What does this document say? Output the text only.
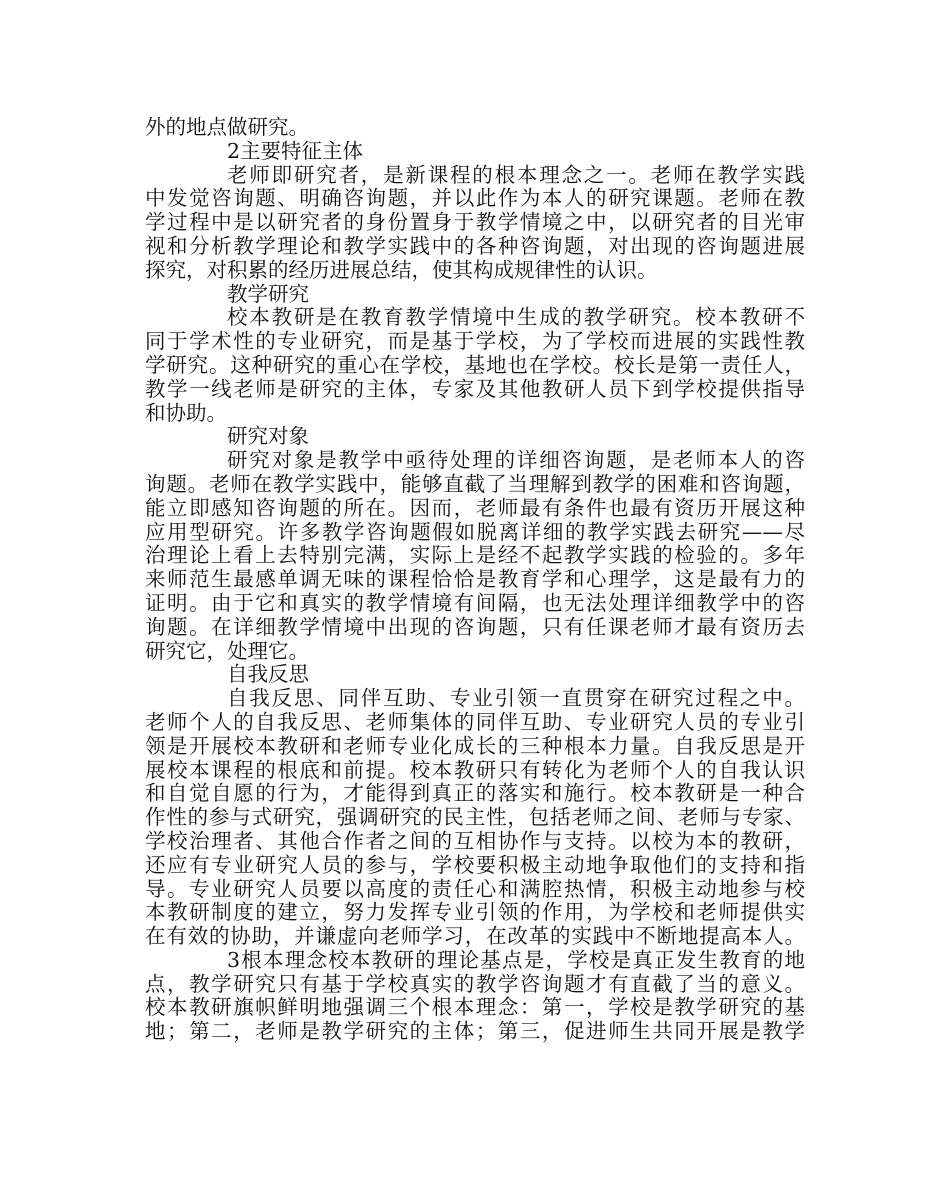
外的地点做研究。
2主要特征主体
老师即研究者，是新课程的根本理念之一。老师在教学实践
中发觉咨询题、明确咨询题，并以此作为本人的研究课题。老师在教
学过程中是以研究者的身份置身于教学情境之中，以研究者的目光审
视和分析教学理论和教学实践中的各种咨询题，对出现的咨询题进展
探究，对积累的经历进展总结，使其构成规律性的认识。
教学研究
校本教研是在教育教学情境中生成的教学研究。校本教研不
同于学术性的专业研究，而是基于学校，为了学校而进展的实践性教
学研究。这种研究的重心在学校，基地也在学校。校长是第一责任人，
教学一线老师是研究的主体，专家及其他教研人员下到学校提供指导
和协助。
研究对象
研究对象是教学中亟待处理的详细咨询题，是老师本人的咨
询题。老师在教学实践中，能够直截了当理解到教学的困难和咨询题，
能立即感知咨询题的所在。因而，老师最有条件也最有资历开展这种
应用型研究。许多教学咨询题假如脱离详细的教学实践去研究——尽
治理论上看上去特别完满，实际上是经不起教学实践的检验的。多年
来师范生最感单调无味的课程恰恰是教育学和心理学，这是最有力的
证明。由于它和真实的教学情境有间隔，也无法处理详细教学中的咨
询题。在详细教学情境中出现的咨询题，只有任课老师才最有资历去
研究它，处理它。
自我反思
自我反思、同伴互助、专业引领一直贯穿在研究过程之中。
老师个人的自我反思、老师集体的同伴互助、专业研究人员的专业引
领是开展校本教研和老师专业化成长的三种根本力量。自我反思是开
展校本课程的根底和前提。校本教研只有转化为老师个人的自我认识
和自觉自愿的行为，才能得到真正的落实和施行。校本教研是一种合
作性的参与式研究，强调研究的民主性，包括老师之间、老师与专家、
学校治理者、其他合作者之间的互相协作与支持。以校为本的教研，
还应有专业研究人员的参与，学校要积极主动地争取他们的支持和指
导。专业研究人员要以高度的责任心和满腔热情，积极主动地参与校
本教研制度的建立，努力发挥专业引领的作用，为学校和老师提供实
在有效的协助，并谦虚向老师学习，在改革的实践中不断地提高本人。
3根本理念校本教研的理论基点是，学校是真正发生教育的地
点，教学研究只有基于学校真实的教学咨询题才有直截了当的意义。
校本教研旗帜鲜明地强调三个根本理念：第一，学校是教学研究的基
地；第二，老师是教学研究的主体；第三，促进师生共同开展是教学
